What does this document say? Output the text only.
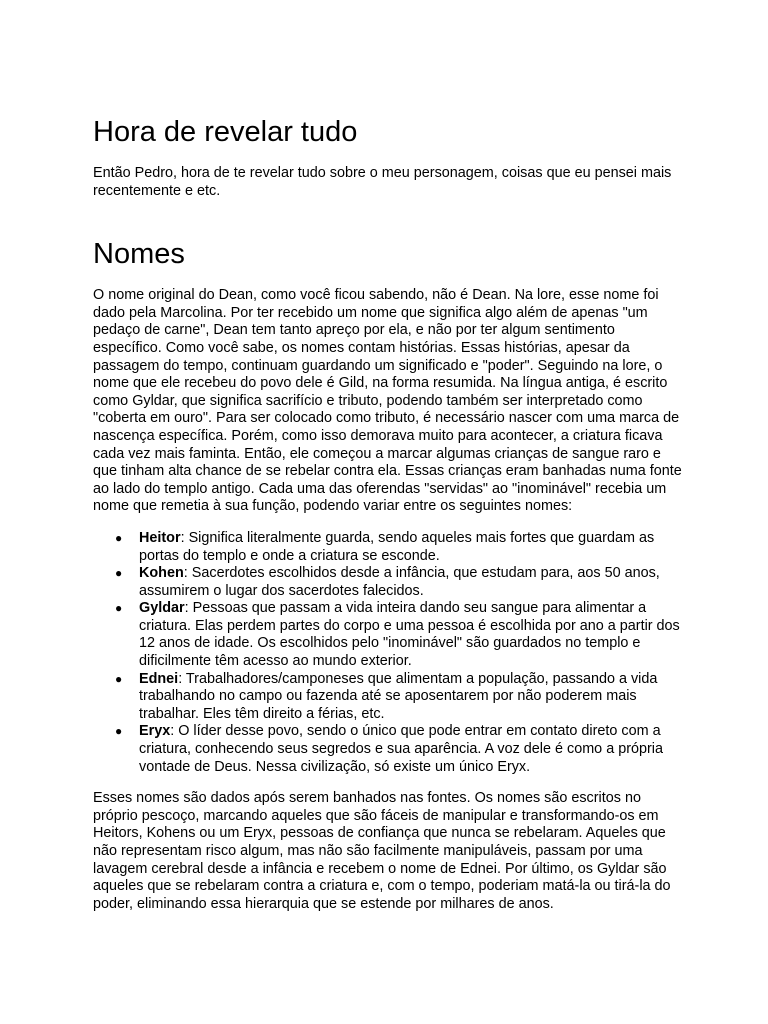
Hora de revelar tudo

Então Pedro, hora de te revelar tudo sobre o meu personagem, coisas que eu pensei mais recentemente e etc.

Nomes

O nome original do Dean, como você ficou sabendo, não é Dean. Na lore, esse nome foi dado pela Marcolina. Por ter recebido um nome que significa algo além de apenas "um pedaço de carne", Dean tem tanto apreço por ela, e não por ter algum sentimento específico. Como você sabe, os nomes contam histórias. Essas histórias, apesar da passagem do tempo, continuam guardando um significado e "poder". Seguindo na lore, o nome que ele recebeu do povo dele é Gild, na forma resumida. Na língua antiga, é escrito como Gyldar, que significa sacrifício e tributo, podendo também ser interpretado como "coberta em ouro". Para ser colocado como tributo, é necessário nascer com uma marca de nascença específica. Porém, como isso demorava muito para acontecer, a criatura ficava cada vez mais faminta. Então, ele começou a marcar algumas crianças de sangue raro e que tinham alta chance de se rebelar contra ela. Essas crianças eram banhadas numa fonte ao lado do templo antigo. Cada uma das oferendas "servidas" ao "inominável" recebia um nome que remetia à sua função, podendo variar entre os seguintes nomes:

● Heitor: Significa literalmente guarda, sendo aqueles mais fortes que guardam as portas do templo e onde a criatura se esconde.
● Kohen: Sacerdotes escolhidos desde a infância, que estudam para, aos 50 anos, assumirem o lugar dos sacerdotes falecidos.
● Gyldar: Pessoas que passam a vida inteira dando seu sangue para alimentar a criatura. Elas perdem partes do corpo e uma pessoa é escolhida por ano a partir dos 12 anos de idade. Os escolhidos pelo "inominável" são guardados no templo e dificilmente têm acesso ao mundo exterior.
● Ednei: Trabalhadores/camponeses que alimentam a população, passando a vida trabalhando no campo ou fazenda até se aposentarem por não poderem mais trabalhar. Eles têm direito a férias, etc.
● Eryx: O líder desse povo, sendo o único que pode entrar em contato direto com a criatura, conhecendo seus segredos e sua aparência. A voz dele é como a própria vontade de Deus. Nessa civilização, só existe um único Eryx.

Esses nomes são dados após serem banhados nas fontes. Os nomes são escritos no próprio pescoço, marcando aqueles que são fáceis de manipular e transformando-os em Heitors, Kohens ou um Eryx, pessoas de confiança que nunca se rebelaram. Aqueles que não representam risco algum, mas não são facilmente manipuláveis, passam por uma lavagem cerebral desde a infância e recebem o nome de Ednei. Por último, os Gyldar são aqueles que se rebelaram contra a criatura e, com o tempo, poderiam matá-la ou tirá-la do poder, eliminando essa hierarquia que se estende por milhares de anos.
